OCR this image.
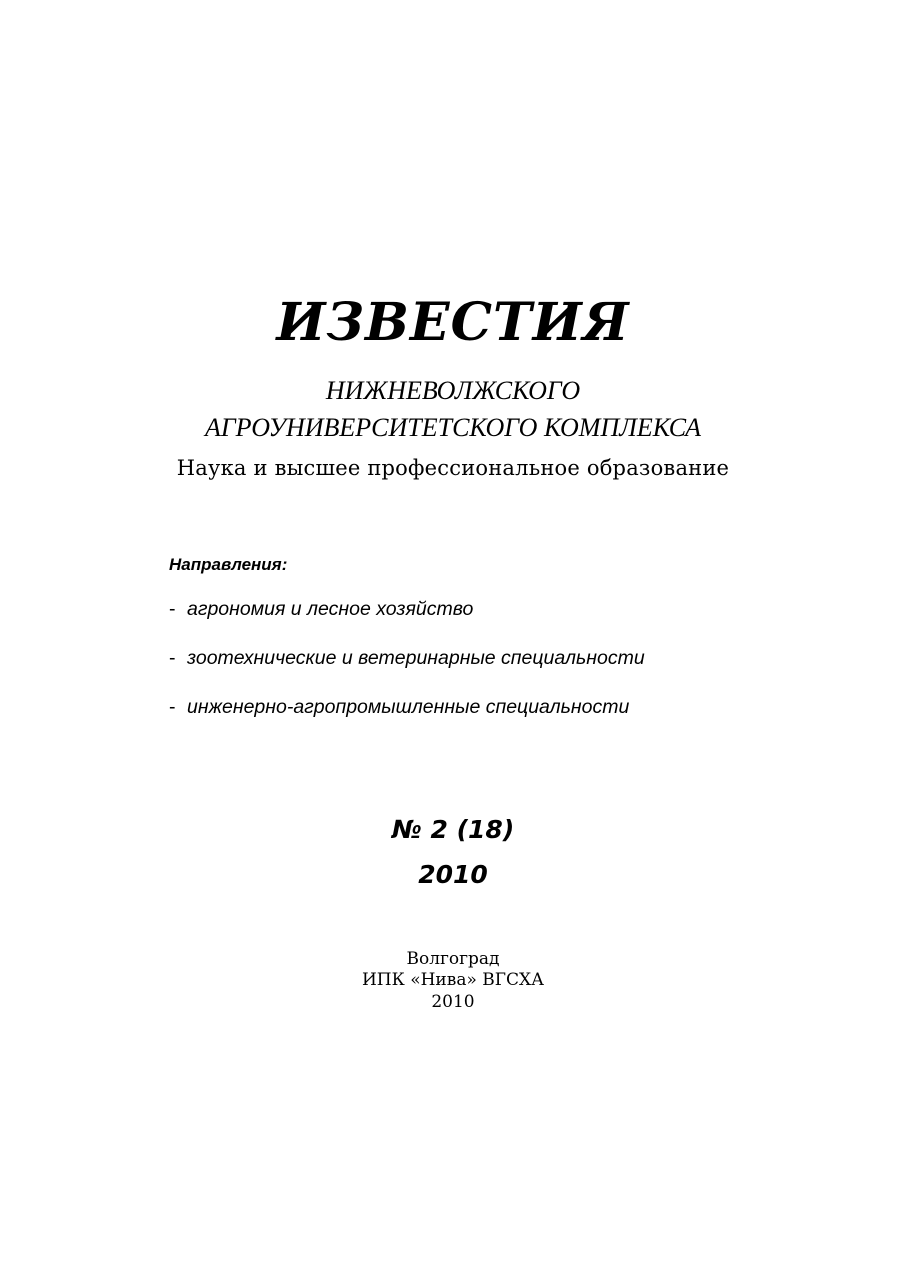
ИЗВЕСТИЯ
НИЖНЕВОЛЖСКОГО
АГРОУНИВЕРСИТЕТСКОГО КОМПЛЕКСА
Наука и высшее профессиональное образование
Направления:
- агрономия и лесное хозяйство
- зоотехнические и ветеринарные специальности
- инженерно-агропромышленные специальности
№ 2 (18)
2010
Волгоград
ИПК «Нива» ВГСХА
2010
